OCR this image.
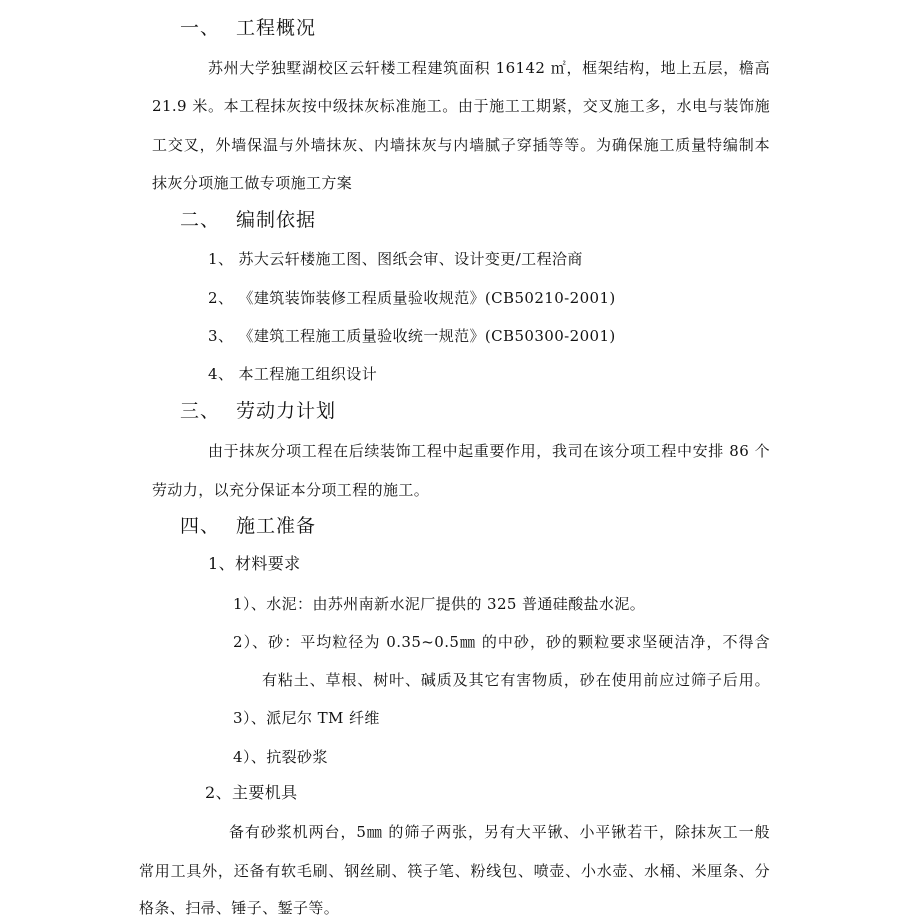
一、 工程概况
苏州大学独墅湖校区云轩楼工程建筑面积 16142 ㎡，框架结构，地上五层，檐高
21.9 米。本工程抹灰按中级抹灰标准施工。由于施工工期紧，交叉施工多，水电与装饰施
工交叉，外墙保温与外墙抹灰、内墙抹灰与内墙腻子穿插等等。为确保施工质量特编制本
抹灰分项施工做专项施工方案
二、 编制依据
1、 苏大云轩楼施工图、图纸会审、设计变更/工程洽商
2、 《建筑装饰装修工程质量验收规范》(CB50210-2001)
3、 《建筑工程施工质量验收统一规范》(CB50300-2001)
4、 本工程施工组织设计
三、 劳动力计划
由于抹灰分项工程在后续装饰工程中起重要作用，我司在该分项工程中安排 86 个
劳动力，以充分保证本分项工程的施工。
四、 施工准备
1、材料要求
1）、水泥：由苏州南新水泥厂提供的 325 普通硅酸盐水泥。
2）、砂：平均粒径为 0.35~0.5㎜ 的中砂，砂的颗粒要求坚硬洁净，不得含
有粘土、草根、树叶、碱质及其它有害物质，砂在使用前应过筛子后用。
3）、派尼尔 TM 纤维
4）、抗裂砂浆
2、主要机具
备有砂浆机两台，5㎜ 的筛子两张，另有大平锹、小平锹若干，除抹灰工一般
常用工具外，还备有软毛刷、钢丝刷、筷子笔、粉线包、喷壶、小水壶、水桶、米厘条、分
格条、扫帚、锤子、錾子等。
